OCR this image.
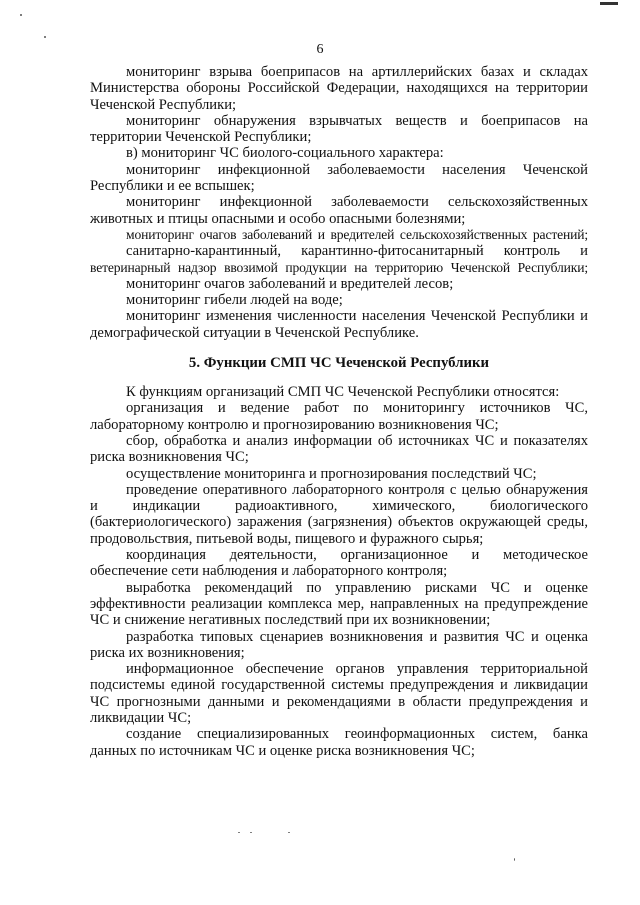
6
мониторинг взрыва боеприпасов на артиллерийских базах и складах
Министерства обороны Российской Федерации, находящихся на территории
Чеченской Республики;
мониторинг обнаружения взрывчатых веществ и боеприпасов на
территории Чеченской Республики;
в) мониторинг ЧС биолого-социального характера:
мониторинг инфекционной заболеваемости населения Чеченской
Республики и ее вспышек;
мониторинг инфекционной заболеваемости сельскохозяйственных
животных и птицы опасными и особо опасными болезнями;
мониторинг очагов заболеваний и вредителей сельскохозяйственных растений;
санитарно-карантинный, карантинно-фитосанитарный контроль и
ветеринарный надзор ввозимой продукции на территорию Чеченской Республики;
мониторинг очагов заболеваний и вредителей лесов;
мониторинг гибели людей на воде;
мониторинг изменения численности населения Чеченской Республики и
демографической ситуации в Чеченской Республике.
5. Функции СМП ЧС Чеченской Республики
К функциям организаций СМП ЧС Чеченской Республики относятся:
организация и ведение работ по мониторингу источников ЧС,
лабораторному контролю и прогнозированию возникновения ЧС;
сбор, обработка и анализ информации об источниках ЧС и показателях
риска возникновения ЧС;
осуществление мониторинга и прогнозирования последствий ЧС;
проведение оперативного лабораторного контроля с целью обнаружения
и индикации радиоактивного, химического, биологического
(бактериологического) заражения (загрязнения) объектов окружающей среды,
продовольствия, питьевой воды, пищевого и фуражного сырья;
координация деятельности, организационное и методическое
обеспечение сети наблюдения и лабораторного контроля;
выработка рекомендаций по управлению рисками ЧС и оценке
эффективности реализации комплекса мер, направленных на предупреждение
ЧС и снижение негативных последствий при их возникновении;
разработка типовых сценариев возникновения и развития ЧС и оценка
риска их возникновения;
информационное обеспечение органов управления территориальной
подсистемы единой государственной системы предупреждения и ликвидации
ЧС прогнозными данными и рекомендациями в области предупреждения и
ликвидации ЧС;
создание специализированных геоинформационных систем, банка
данных по источникам ЧС и оценке риска возникновения ЧС;
